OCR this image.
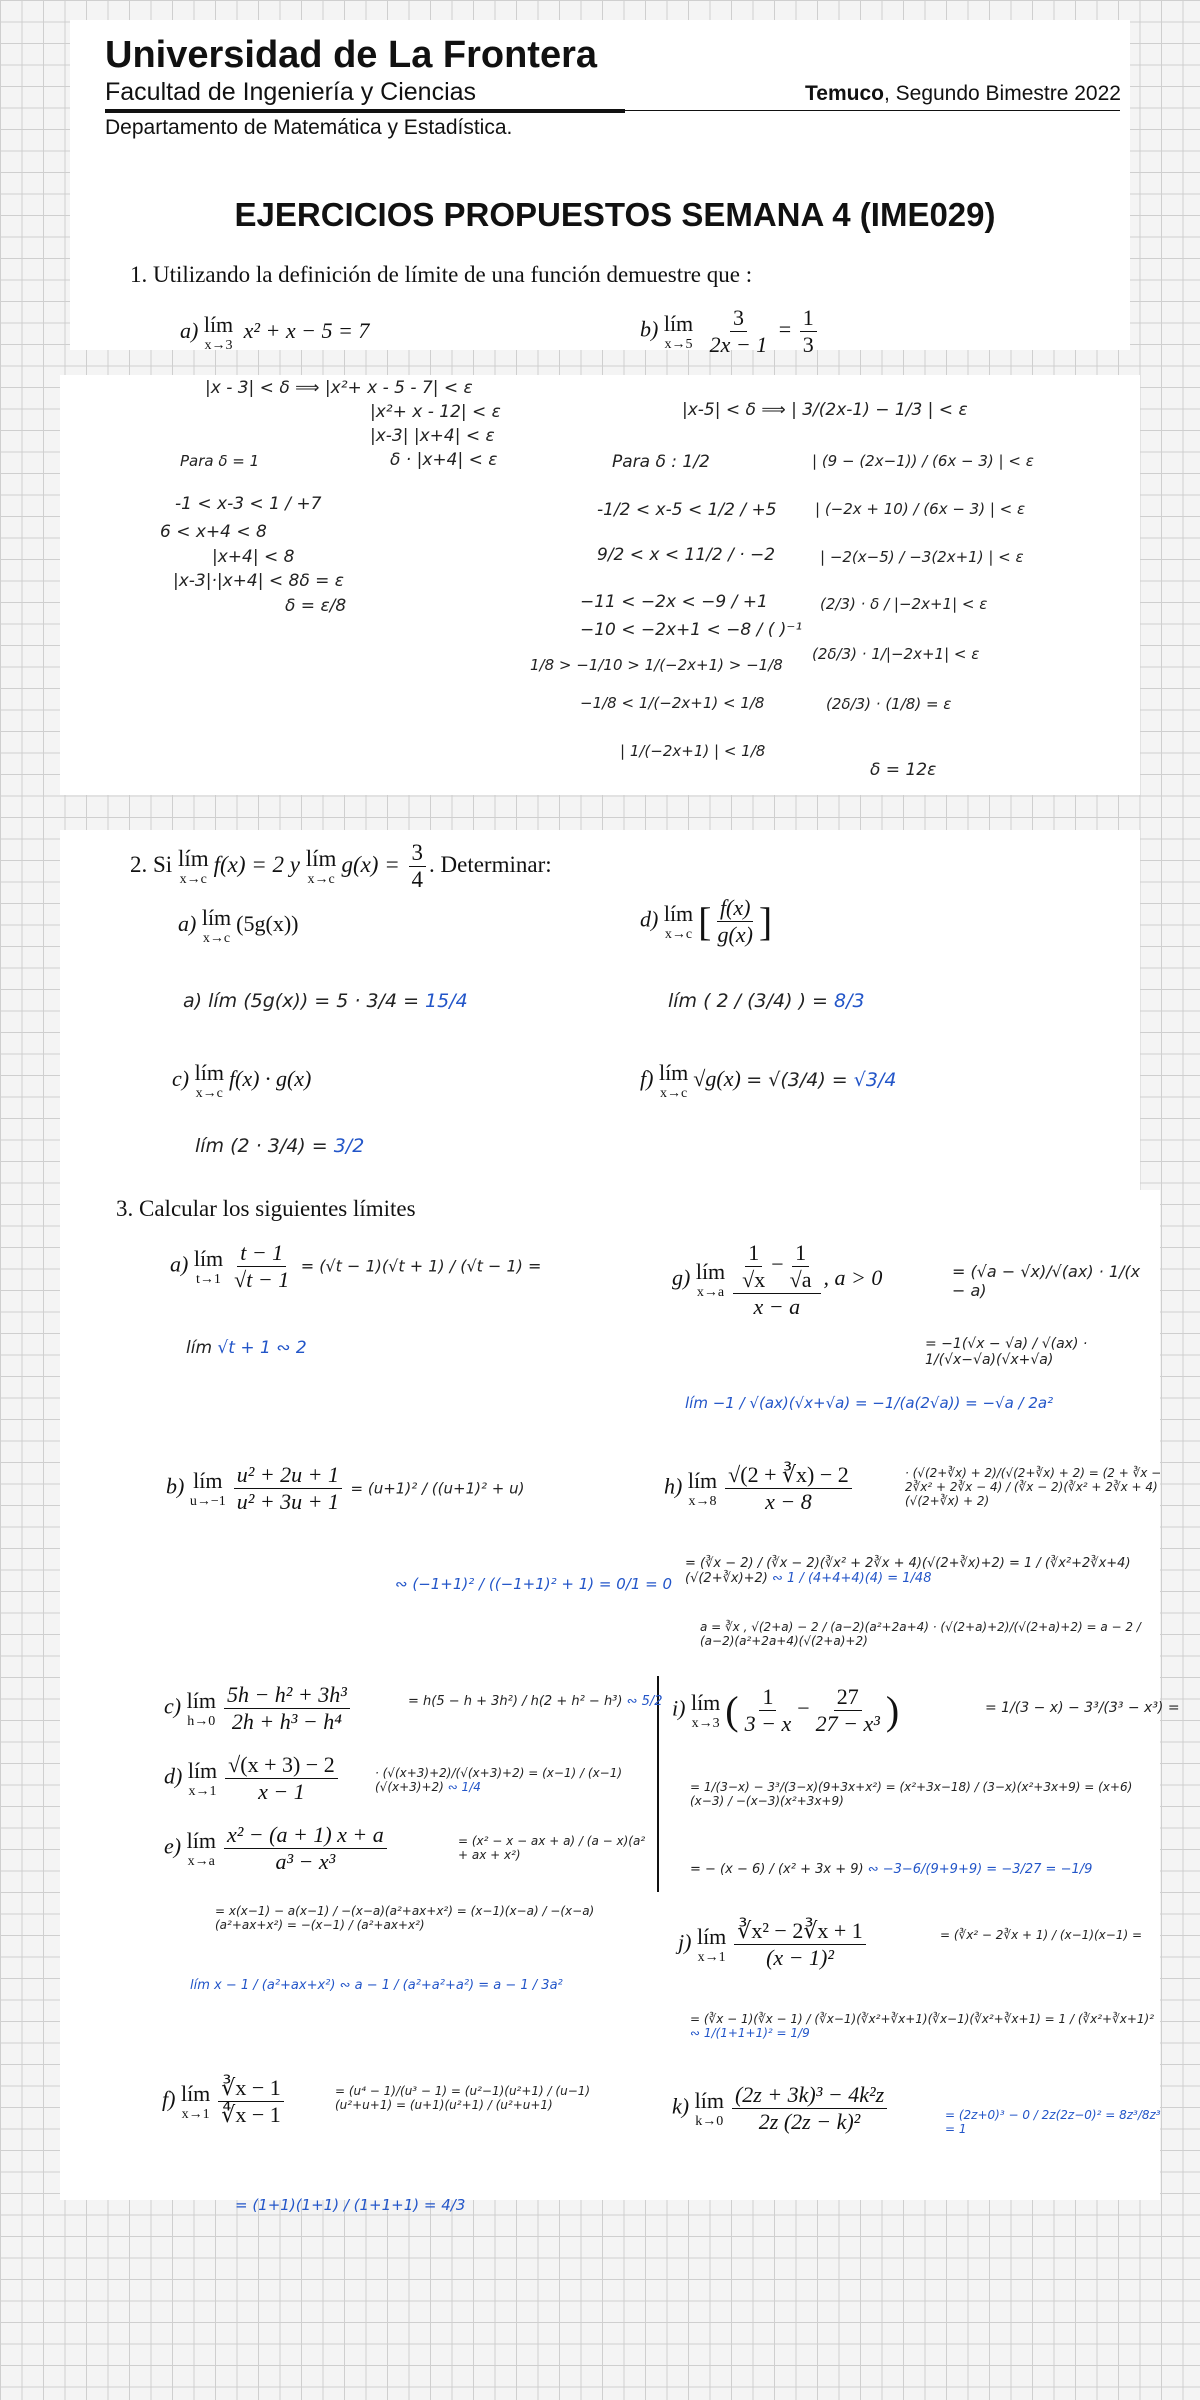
Universidad de La Frontera
Facultad de Ingeniería y Ciencias
Departamento de Matemática y Estadística.
Temuco, Segundo Bimestre 2022
EJERCICIOS PROPUESTOS SEMANA 4 (IME029)
1. Utilizando la definición de límite de una función demuestre que :
a) lím
x→3
x² + x − 5 = 7	b) lím
x→5
$\frac{3}{2x - 1} = \frac{1}{3}$
|x - 3| < δ ⟹ |x²+ x - 5 - 7| < ε
|x²+ x - 12| < ε
|x-3| |x+4| < ε
δ · |x+4| < ε
Para δ = 1
-1 < x-3 < 1 / +7
6 < x+4 < 8
|x+4| < 8
|x-3|·|x+4| < 8δ = ε
δ = ε/8
|x-5| < δ ⟹ | 3/(2x-1) − 1/3 | < ε
Para δ : 1/2	| (9 − (2x−1)) / (6x − 3) | < ε
-1/2 < x-5 < 1/2 / +5	| (−2x + 10) / (6x − 3) | < ε
9/2 < x < 11/2 / · −2	| −2(x−5) / −3(2x+1) | < ε
−11 < −2x < −9 / +1	(2/3) · δ / |−2x+1| < ε
−10 < −2x+1 < −8 / ( )⁻¹
1/8 > −1/10 > 1/(−2x+1) > −1/8
(2δ/3) · 1/|−2x+1| < ε
−1/8 < 1/(−2x+1) < 1/8	(2δ/3) · (1/8) = ε
| 1/(−2x+1) | < 1/8
δ = 12ε
2. Si lím
x→c
f(x) = 2 y lím
x→c
$g(x) = \frac{3}{4}$ . Determinar:
a) lím
x→c
(5g(x))	d) lím
x→c [ $\frac{f(x)}{g(x)}$ ]
a) lím (5g(x)) = 5 · 3/4 = 15/4	lím ( 2 / (3/4) ) = 8/3
c) lím
x→c
f(x) · g(x)	f) lím
x→c
√g(x) = √(3/4) = √3/4
lím (2 · 3/4) = 3/2
3. Calcular los siguientes límites
a) lím
$t\to 1 \frac{t - 1}{√t - 1} = (√t - 1)(√t + 1) / (√t - 1)$ =
lím √t + 1 ∾ 2
g) lím
$x\to a \frac{\frac{1}{√x} - \frac{1}{√a}}{x - a}$ , a > 0	= (√a − √x)/√(ax) · 1/(x − a)
= −1(√x − √a) / √(ax) · 1/(√x−√a)(√x+√a)
lím −1 / √(ax)(√x+√a) = −1/(a(2√a)) = −√a / 2a²
b) lím
$u\to-1 \frac{\text{u² + 2u + 1}}{\text{u² + 3u + 1}} = (u+1)^2 / ((u+1)^2 + u)$
∾ (−1+1)² / ((−1+1)² + 1) = 0/1 = 0
h) lím
$x\to 8 \frac{√(2 + ∛x) - 2}{x - 8}$	· (√(2+∛x) + 2)/(√(2+∛x) + 2) = (2 + ∛x − 2∛x² + 2∛x − 4) / (∛x − 2)(∛x² + 2∛x + 4)(√(2+∛x) + 2)
= (∛x − 2) / (∛x − 2)(∛x² + 2∛x + 4)(√(2+∛x)+2) = 1 / (∛x²+2∛x+4)(√(2+∛x)+2) ∾ 1 / (4+4+4)(4) = 1/48
a = ∛x , √(2+a) − 2 / (a−2)(a²+2a+4) · (√(2+a)+2)/(√(2+a)+2) = a − 2 / (a−2)(a²+2a+4)(√(2+a)+2)
c) lím
$h\to 0 \frac{\text{5h − h² + 3h³}}{\text{2h + h³ − h⁴}}$	= h(5 − h + 3h²) / h(2 + h² − h³) ∾ 5/2
d) lím
$x\to 1 \frac{√(x + 3) - 2}{x - 1}$	· (√(x+3)+2)/(√(x+3)+2) = (x−1) / (x−1)(√(x+3)+2) ∾ 1/4
e) lím
$x\to a \frac{\text{x² − (a + 1) x + a}}{\text{a³ − x³}}$	= (x² − x − ax + a) / (a − x)(a² + ax + x²)
= x(x−1) − a(x−1) / −(x−a)(a²+ax+x²) = (x−1)(x−a) / −(x−a)(a²+ax+x²) = −(x−1) / (a²+ax+x²)
lím x − 1 / (a²+ax+x²) ∾ a − 1 / (a²+a²+a²) = a − 1 / 3a²
i) lím
x→3 ( $\frac{1}{3 - x} - \frac{27}{\text{27 − x³}}$ )	= 1/(3 − x) − 3³/(3³ − x³) =
= 1/(3−x) − 3³/(3−x)(9+3x+x²) = (x²+3x−18) / (3−x)(x²+3x+9) = (x+6)(x−3) / −(x−3)(x²+3x+9)
= − (x − 6) / (x² + 3x + 9) ∾ −3−6/(9+9+9) = −3/27 = −1/9
j) lím
$x\to 1 \frac{\text{∛x² − 2∛x + 1}}{\text{(x − 1)²}}$	= (∛x² − 2∛x + 1) / (x−1)(x−1) =
= (∛x − 1)(∛x − 1) / (∛x−1)(∛x²+∛x+1)(∛x−1)(∛x²+∛x+1) = 1 / (∛x²+∛x+1)² ∾ 1/(1+1+1)² = 1/9
f) lím
$x\to 1 \frac{∛x - 1}{∜x - 1}$	= (u⁴ − 1)/(u³ − 1) = (u²−1)(u²+1) / (u−1)(u²+u+1) = (u+1)(u²+1) / (u²+u+1)
= (1+1)(1+1) / (1+1+1) = 4/3
k) lím
$k\to 0 \frac{\text{(2z + 3k)³ − 4k²z}}{\text{2z (2z − k)²}}$	= (2z+0)³ − 0 / 2z(2z−0)² = 8z³/8z³ = 1
